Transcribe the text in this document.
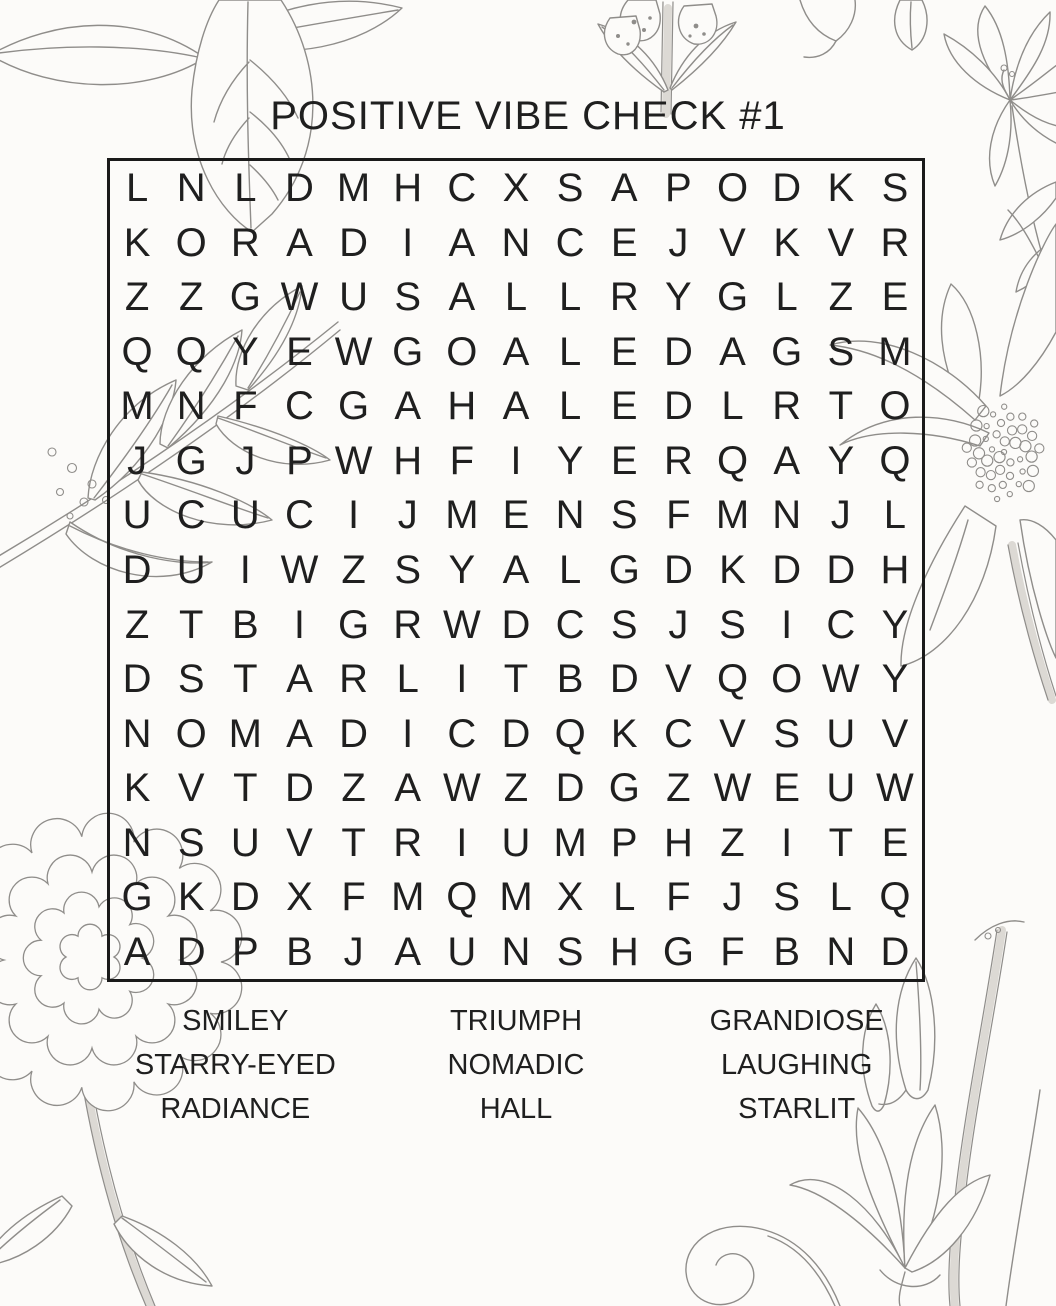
POSITIVE VIBE CHECK #1
L N L D M H C X S A P O D K S
K O R A D I A N C E J V K V R
Z Z G W U S A L L R Y G L Z E
Q Q Y E W G O A L E D A G S M
M N F C G A H A L E D L R T O
J G J P W H F I Y E R Q A Y Q
U C U C I J M E N S F M N J L
D U I W Z S Y A L G D K D D H
Z T B I G R W D C S J S I C Y
D S T A R L I T B D V Q O W Y
N O M A D I C D Q K C V S U V
K V T D Z A W Z D G Z W E U W
N S U V T R I U M P H Z I T E
G K D X F M Q M X L F J S L Q
A D P B J A U N S H G F B N D
SMILEY
STARRY-EYED
RADIANCE
TRIUMPH
NOMADIC
HALL
GRANDIOSE
LAUGHING
STARLIT
